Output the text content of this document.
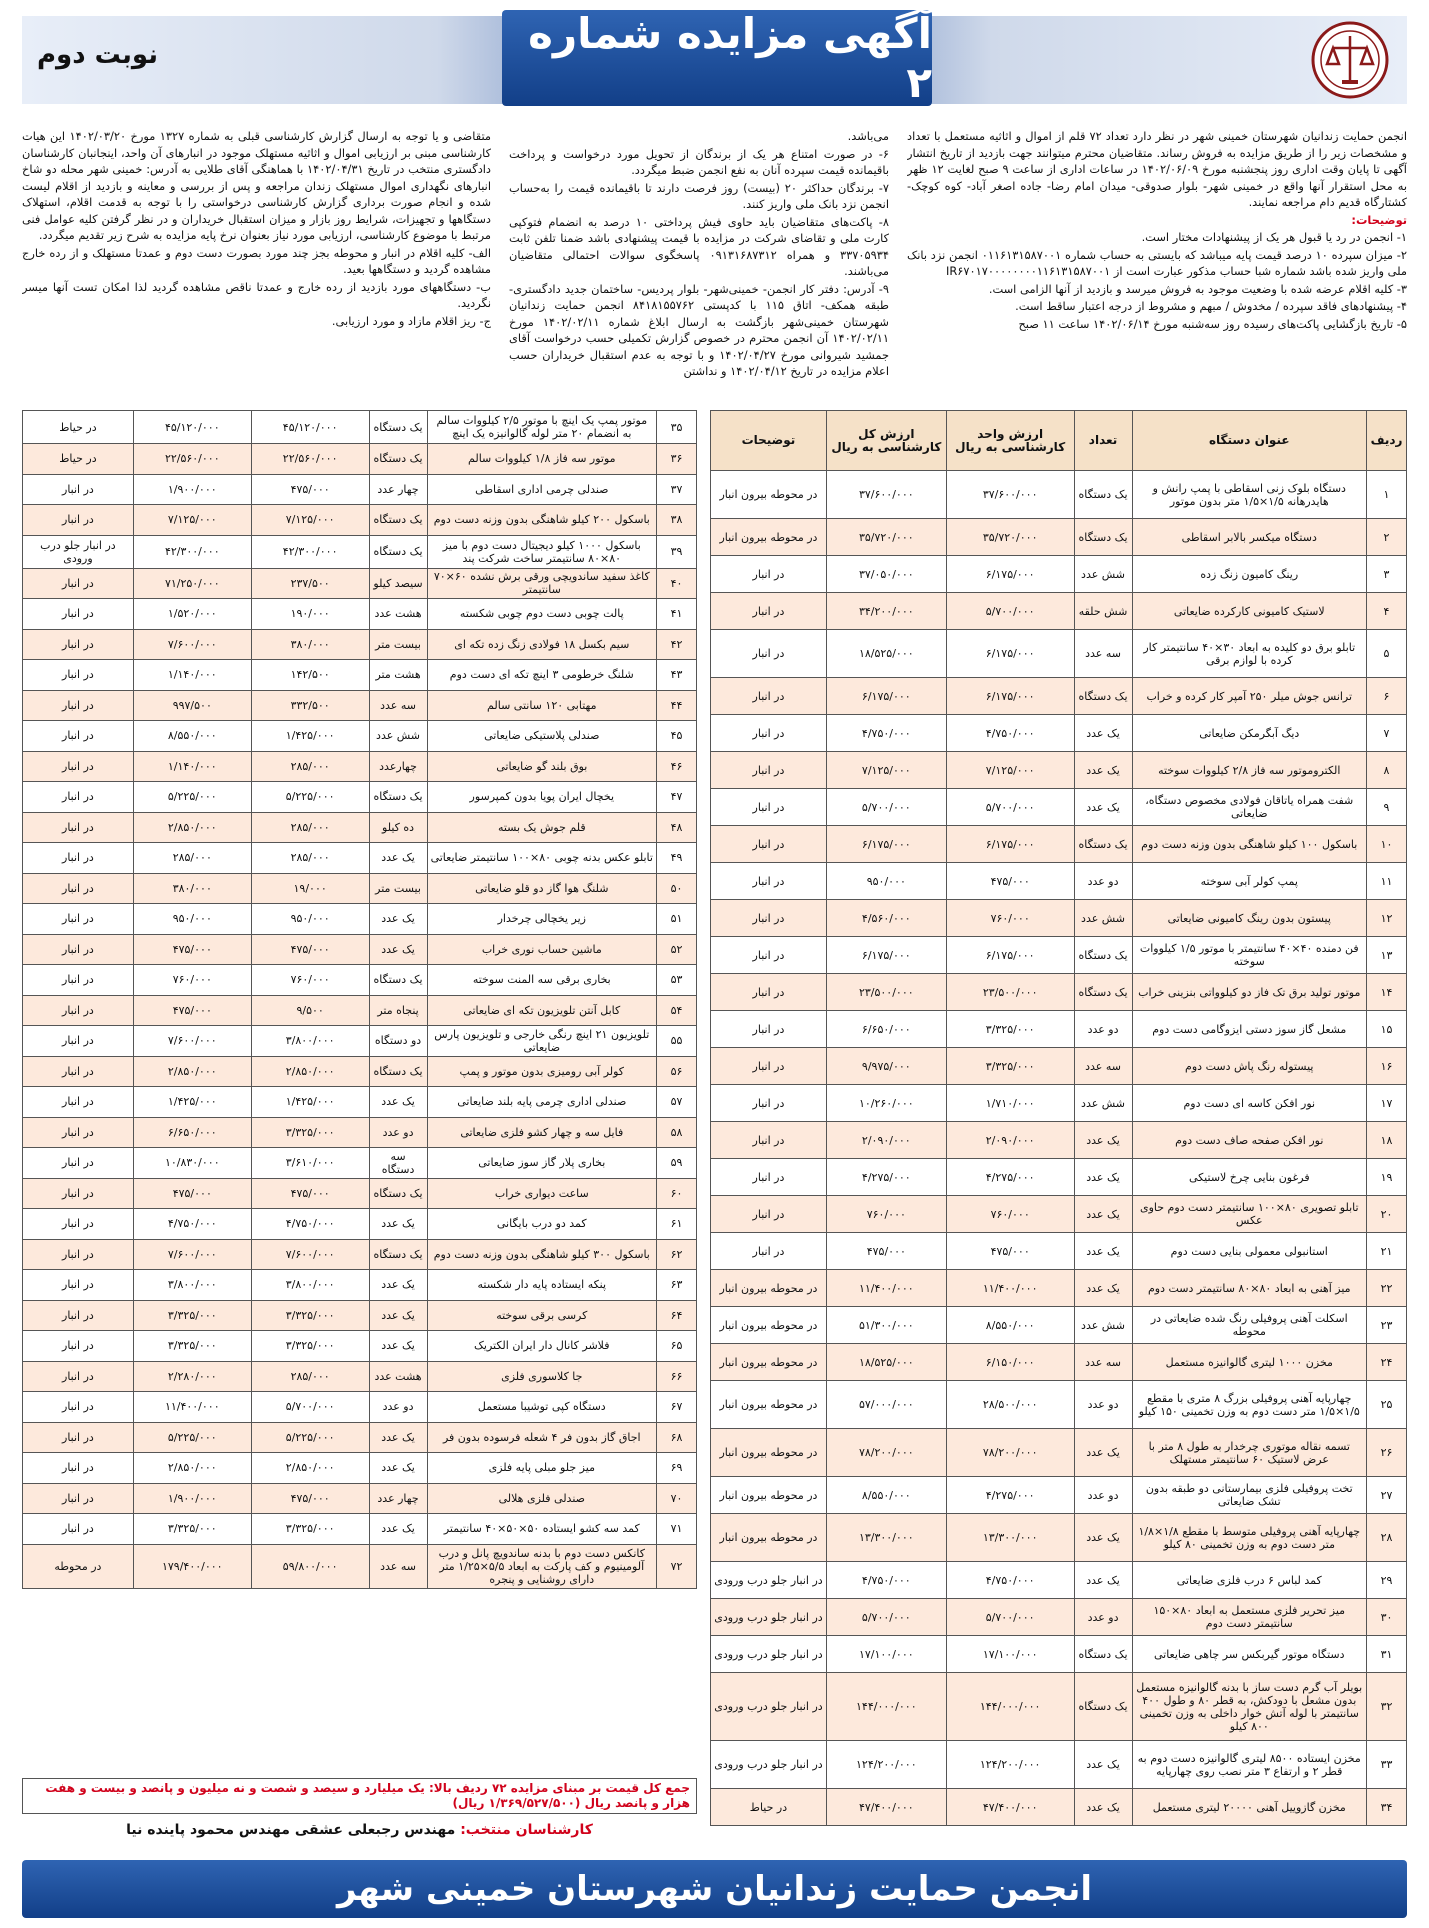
آگهی مزایده شماره ۲
نوبت دوم

انجمن حمایت زندانیان شهرستان خمینی شهر در نظر دارد تعداد ۷۲ قلم از اموال و اثاثیه مستعمل با تعداد و مشخصات زیر را از طریق مزایده به فروش رساند. متقاضیان محترم میتوانند جهت بازدید از تاریخ انتشار آگهی تا پایان وقت اداری روز پنجشنبه مورخ ۱۴۰۲/۰۶/۰۹ در ساعات اداری از ساعت ۹ صبح لغایت ۱۲ ظهر به محل استقرار آنها واقع در خمینی شهر- بلوار صدوقی- میدان امام رضا- جاده اصغر آباد- کوه کوچک- کشتارگاه قدیم دام مراجعه نمایند.

توضیحات:

۱- انجمن در رد یا قبول هر یک از پیشنهادات مختار است.

۲- میزان سپرده ۱۰ درصد قیمت پایه میباشد که بایستی به حساب شماره ۰۱۱۶۱۳۱۵۸۷۰۰۱ انجمن نزد بانک ملی واریز شده باشد شماره شبا حساب مذکور عبارت است از IR۶۷۰۱۷۰۰۰۰۰۰۰۰۱۱۶۱۳۱۵۸۷۰۰۱

۳- کلیه اقلام عرضه شده با وضعیت موجود به فروش میرسد و بازدید از آنها الزامی است.

۴- پیشنهادهای فاقد سپرده / مخدوش / مبهم و مشروط از درجه اعتبار ساقط است.

۵- تاریخ بازگشایی پاکت‌های رسیده روز سه‌شنبه مورخ ۱۴۰۲/۰۶/۱۴ ساعت ۱۱ صبح

می‌باشد.

۶- در صورت امتناع هر یک از برندگان از تحویل مورد درخواست و پرداخت باقیمانده قیمت سپرده آنان به نفع انجمن ضبط میگردد.

۷- برندگان حداکثر ۲۰ (بیست) روز فرصت دارند تا باقیمانده قیمت را به‌حساب انجمن نزد بانک ملی واریز کنند.

۸- پاکت‌های متقاضیان باید حاوی فیش پرداختی ۱۰ درصد به انضمام فتوکپی کارت ملی و تقاضای شرکت در مزایده با قیمت پیشنهادی باشد ضمنا تلفن ثابت ۳۳۷۰۵۹۳۴ و همراه ۰۹۱۳۱۶۸۷۳۱۲ پاسخگوی سوالات احتمالی متقاضیان می‌باشند.

۹- آدرس: دفتر کار انجمن- خمینی‌شهر- بلوار پردیس- ساختمان جدید دادگستری- طبقه همکف- اتاق ۱۱۵ با کدپستی ۸۴۱۸۱۵۵۷۶۲ انجمن حمایت زندانیان شهرستان خمینی‌شهر بازگشت به ارسال ابلاغ شماره ۱۴۰۲/۰۲/۱۱ مورخ ۱۴۰۲/۰۲/۱۱ آن انجمن محترم در خصوص گزارش تکمیلی حسب درخواست آقای جمشید شیروانی مورخ ۱۴۰۲/۰۴/۲۷ و با توجه به عدم استقبال خریداران حسب اعلام مزایده در تاریخ ۱۴۰۲/۰۴/۱۲ و نداشتن

متقاضی و یا توجه به ارسال گزارش کارشناسی قبلی به شماره ۱۳۲۷ مورخ ۱۴۰۲/۰۳/۲۰ این هیات کارشناسی مبنی بر ارزیابی اموال و اثاثیه مستهلک موجود در انبارهای آن واحد، اینجانبان کارشناسان دادگستری منتخب در تاریخ ۱۴۰۲/۰۴/۳۱ با هماهنگی آقای طلایی به آدرس: خمینی شهر محله دو شاخ انبارهای نگهداری اموال مستهلک زندان مراجعه و پس از بررسی و معاینه و بازدید از اقلام لیست شده و انجام صورت برداری گزارش کارشناسی درخواستی را با توجه به قدمت اقلام، استهلاک دستگاهها و تجهیزات، شرایط روز بازار و میزان استقبال خریداران و در نظر گرفتن کلیه عوامل فنی مرتبط با موضوع کارشناسی، ارزیابی مورد نیاز بعنوان نرخ پایه مزایده به شرح زیر تقدیم میگردد.

الف- کلیه اقلام در انبار و محوطه بجز چند مورد بصورت دست دوم و عمدتا مستهلک و از رده خارج مشاهده گردید و دستگاهها بعید.

ب- دستگاههای مورد بازدید از رده خارج و عمدتا ناقص مشاهده گردید لذا امکان تست آنها میسر نگردید.

ج- ریز اقلام مازاد و مورد ارزیابی.

ردیف	عنوان دستگاه	تعداد	ارزش واحد کارشناسی به ریال	ارزش کل کارشناسی به ریال	توضیحات
۱	دستگاه بلوک زنی اسقاطی با پمپ رانش و هایدرهانه ۱/۵×۱/۵ متر بدون موتور	یک دستگاه	۳۷/۶۰۰/۰۰۰	۳۷/۶۰۰/۰۰۰	در محوطه بیرون انبار
۲	دستگاه میکسر بالابر اسقاطی	یک دستگاه	۳۵/۷۲۰/۰۰۰	۳۵/۷۲۰/۰۰۰	در محوطه بیرون انبار
۳	رینگ کامیون زنگ زده	شش عدد	۶/۱۷۵/۰۰۰	۳۷/۰۵۰/۰۰۰	در انبار
۴	لاستیک کامیونی کارکرده ضایعاتی	شش حلقه	۵/۷۰۰/۰۰۰	۳۴/۲۰۰/۰۰۰	در انبار
۵	تابلو برق دو کلیده به ابعاد ۳۰×۴۰ سانتیمتر کار کرده با لوازم برقی	سه عدد	۶/۱۷۵/۰۰۰	۱۸/۵۲۵/۰۰۰	در انبار
۶	ترانس جوش میلر ۲۵۰ آمپر کار کرده و خراب	یک دستگاه	۶/۱۷۵/۰۰۰	۶/۱۷۵/۰۰۰	در انبار
۷	دیگ آبگرمکن ضایعاتی	یک عدد	۴/۷۵۰/۰۰۰	۴/۷۵۰/۰۰۰	در انبار
۸	الکتروموتور سه فاز ۲/۸ کیلووات سوخته	یک عدد	۷/۱۲۵/۰۰۰	۷/۱۲۵/۰۰۰	در انبار
۹	شفت همراه یاتاقان فولادی مخصوص دستگاه، ضایعاتی	یک عدد	۵/۷۰۰/۰۰۰	۵/۷۰۰/۰۰۰	در انبار
۱۰	باسکول ۱۰۰ کیلو شاهنگی بدون وزنه دست دوم	یک دستگاه	۶/۱۷۵/۰۰۰	۶/۱۷۵/۰۰۰	در انبار
۱۱	پمپ کولر آبی سوخته	دو عدد	۴۷۵/۰۰۰	۹۵۰/۰۰۰	در انبار
۱۲	پیستون بدون رینگ کامیونی ضایعاتی	شش عدد	۷۶۰/۰۰۰	۴/۵۶۰/۰۰۰	در انبار
۱۳	فن دمنده ۴۰×۴۰ سانتیمتر با موتور ۱/۵ کیلووات سوخته	یک دستگاه	۶/۱۷۵/۰۰۰	۶/۱۷۵/۰۰۰	در انبار
۱۴	موتور تولید برق تک فاز دو کیلوواتی بنزینی خراب	یک دستگاه	۲۳/۵۰۰/۰۰۰	۲۳/۵۰۰/۰۰۰	در انبار
۱۵	مشعل گاز سوز دستی ایزوگامی دست دوم	دو عدد	۳/۳۲۵/۰۰۰	۶/۶۵۰/۰۰۰	در انبار
۱۶	پیستوله رنگ پاش دست دوم	سه عدد	۳/۳۲۵/۰۰۰	۹/۹۷۵/۰۰۰	در انبار
۱۷	نور افکن کاسه ای دست دوم	شش عدد	۱/۷۱۰/۰۰۰	۱۰/۲۶۰/۰۰۰	در انبار
۱۸	نور افکن صفحه صاف دست دوم	یک عدد	۲/۰۹۰/۰۰۰	۲/۰۹۰/۰۰۰	در انبار
۱۹	فرغون بنایی چرخ لاستیکی	یک عدد	۴/۲۷۵/۰۰۰	۴/۲۷۵/۰۰۰	در انبار
۲۰	تابلو تصویری ۸۰×۱۰۰ سانتیمتر دست دوم حاوی عکس	یک عدد	۷۶۰/۰۰۰	۷۶۰/۰۰۰	در انبار
۲۱	استانبولی معمولی بنایی دست دوم	یک عدد	۴۷۵/۰۰۰	۴۷۵/۰۰۰	در انبار
۲۲	میز آهنی به ابعاد ۸۰×۸۰ سانتیمتر دست دوم	یک عدد	۱۱/۴۰۰/۰۰۰	۱۱/۴۰۰/۰۰۰	در محوطه بیرون انبار
۲۳	اسکلت آهنی پروفیلی رنگ شده ضایعاتی در محوطه	شش عدد	۸/۵۵۰/۰۰۰	۵۱/۳۰۰/۰۰۰	در محوطه بیرون انبار
۲۴	مخزن ۱۰۰۰ لیتری گالوانیزه مستعمل	سه عدد	۶/۱۵۰/۰۰۰	۱۸/۵۲۵/۰۰۰	در محوطه بیرون انبار
۲۵	چهارپایه آهنی پروفیلی بزرگ ۸ متری با مقطع ۱/۵×۱/۵ متر دست دوم به وزن تخمینی ۱۵۰ کیلو	دو عدد	۲۸/۵۰۰/۰۰۰	۵۷/۰۰۰/۰۰۰	در محوطه بیرون انبار
۲۶	تسمه نقاله موتوری چرخدار به طول ۸ متر با عرض لاستیک ۶۰ سانتیمتر مستهلک	یک عدد	۷۸/۲۰۰/۰۰۰	۷۸/۲۰۰/۰۰۰	در محوطه بیرون انبار
۲۷	تخت پروفیلی فلزی بیمارستانی دو طبقه بدون تشک ضایعاتی	دو عدد	۴/۲۷۵/۰۰۰	۸/۵۵۰/۰۰۰	در محوطه بیرون انبار
۲۸	چهارپایه آهنی پروفیلی متوسط با مقطع ۱/۸×۱/۸ متر دست دوم به وزن تخمینی ۸۰ کیلو	یک عدد	۱۳/۳۰۰/۰۰۰	۱۳/۳۰۰/۰۰۰	در محوطه بیرون انبار
۲۹	کمد لباس ۶ درب فلزی ضایعاتی	یک عدد	۴/۷۵۰/۰۰۰	۴/۷۵۰/۰۰۰	در انبار جلو درب ورودی
۳۰	میز تحریر فلزی مستعمل به ابعاد ۸۰×۱۵۰ سانتیمتر دست دوم	دو عدد	۵/۷۰۰/۰۰۰	۵/۷۰۰/۰۰۰	در انبار جلو درب ورودی
۳۱	دستگاه موتور گیربکس سر چاهی ضایعاتی	یک دستگاه	۱۷/۱۰۰/۰۰۰	۱۷/۱۰۰/۰۰۰	در انبار جلو درب ورودی
۳۲	بویلر آب گرم دست ساز با بدنه گالوانیزه مستعمل بدون مشعل با دودکش، به قطر ۸۰ و طول ۴۰۰ سانتیمتر با لوله آتش خوار داخلی به وزن تخمینی ۸۰۰ کیلو	یک دستگاه	۱۴۴/۰۰۰/۰۰۰	۱۴۴/۰۰۰/۰۰۰	در انبار جلو درب ورودی
۳۳	مخزن ایستاده ۸۵۰۰ لیتری گالوانیزه دست دوم به قطر ۲ و ارتفاع ۳ متر نصب روی چهارپایه	یک عدد	۱۲۴/۲۰۰/۰۰۰	۱۲۴/۲۰۰/۰۰۰	در انبار جلو درب ورودی
۳۴	مخزن گازوییل آهنی ۲۰۰۰۰ لیتری مستعمل	یک عدد	۴۷/۴۰۰/۰۰۰	۴۷/۴۰۰/۰۰۰	در حیاط
۳۵	موتور پمپ یک اینچ با موتور ۲/۵ کیلووات سالم به انضمام ۲۰ متر لوله گالوانیزه یک اینچ	یک دستگاه	۴۵/۱۲۰/۰۰۰	۴۵/۱۲۰/۰۰۰	در حیاط
۳۶	موتور سه فاز ۱/۸ کیلووات سالم	یک دستگاه	۲۲/۵۶۰/۰۰۰	۲۲/۵۶۰/۰۰۰	در حیاط
۳۷	صندلی چرمی اداری اسقاطی	چهار عدد	۴۷۵/۰۰۰	۱/۹۰۰/۰۰۰	در انبار
۳۸	باسکول ۲۰۰ کیلو شاهنگی بدون وزنه دست دوم	یک دستگاه	۷/۱۲۵/۰۰۰	۷/۱۲۵/۰۰۰	در انبار
۳۹	باسکول ۱۰۰۰ کیلو دیجیتال دست دوم با میز ۸۰×۸۰ سانتیمتر ساخت شرکت پند	یک دستگاه	۴۲/۳۰۰/۰۰۰	۴۲/۳۰۰/۰۰۰	در انبار جلو درب ورودی
۴۰	کاغذ سفید ساندویچی ورقی برش نشده ۶۰×۷۰ سانتیمتر	سیصد کیلو	۲۳۷/۵۰۰	۷۱/۲۵۰/۰۰۰	در انبار
۴۱	پالت چوبی دست دوم چوبی شکسته	هشت عدد	۱۹۰/۰۰۰	۱/۵۲۰/۰۰۰	در انبار
۴۲	سیم بکسل ۱۸ فولادی زنگ زده تکه ای	بیست متر	۳۸۰/۰۰۰	۷/۶۰۰/۰۰۰	در انبار
۴۳	شلنگ خرطومی ۳ اینچ تکه ای دست دوم	هشت متر	۱۴۲/۵۰۰	۱/۱۴۰/۰۰۰	در انبار
۴۴	مهتابی ۱۲۰ سانتی سالم	سه عدد	۳۳۲/۵۰۰	۹۹۷/۵۰۰	در انبار
۴۵	صندلی پلاستیکی ضایعاتی	شش عدد	۱/۴۲۵/۰۰۰	۸/۵۵۰/۰۰۰	در انبار
۴۶	بوق بلند گو ضایعاتی	چهارعدد	۲۸۵/۰۰۰	۱/۱۴۰/۰۰۰	در انبار
۴۷	یخچال ایران پویا بدون کمپرسور	یک دستگاه	۵/۲۲۵/۰۰۰	۵/۲۲۵/۰۰۰	در انبار
۴۸	قلم جوش یک بسته	ده کیلو	۲۸۵/۰۰۰	۲/۸۵۰/۰۰۰	در انبار
۴۹	تابلو عکس بدنه چوبی ۸۰×۱۰۰ سانتیمتر ضایعاتی	یک عدد	۲۸۵/۰۰۰	۲۸۵/۰۰۰	در انبار
۵۰	شلنگ هوا گاز دو قلو ضایعاتی	بیست متر	۱۹/۰۰۰	۳۸۰/۰۰۰	در انبار
۵۱	زیر یخچالی چرخدار	یک عدد	۹۵۰/۰۰۰	۹۵۰/۰۰۰	در انبار
۵۲	ماشین حساب نوری خراب	یک عدد	۴۷۵/۰۰۰	۴۷۵/۰۰۰	در انبار
۵۳	بخاری برقی سه المنت سوخته	یک دستگاه	۷۶۰/۰۰۰	۷۶۰/۰۰۰	در انبار
۵۴	کابل آنتن تلویزیون تکه ای ضایعاتی	پنجاه متر	۹/۵۰۰	۴۷۵/۰۰۰	در انبار
۵۵	تلویزیون ۲۱ اینچ رنگی خارجی و تلویزیون پارس ضایعاتی	دو دستگاه	۳/۸۰۰/۰۰۰	۷/۶۰۰/۰۰۰	در انبار
۵۶	کولر آبی رومیزی بدون موتور و پمپ	یک دستگاه	۲/۸۵۰/۰۰۰	۲/۸۵۰/۰۰۰	در انبار
۵۷	صندلی اداری چرمی پایه بلند ضایعاتی	یک عدد	۱/۴۲۵/۰۰۰	۱/۴۲۵/۰۰۰	در انبار
۵۸	فایل سه و چهار کشو فلزی ضایعاتی	دو عدد	۳/۳۲۵/۰۰۰	۶/۶۵۰/۰۰۰	در انبار
۵۹	بخاری پلار گاز سوز ضایعاتی	سه دستگاه	۳/۶۱۰/۰۰۰	۱۰/۸۳۰/۰۰۰	در انبار
۶۰	ساعت دیواری خراب	یک دستگاه	۴۷۵/۰۰۰	۴۷۵/۰۰۰	در انبار
۶۱	کمد دو درب بایگانی	یک عدد	۴/۷۵۰/۰۰۰	۴/۷۵۰/۰۰۰	در انبار
۶۲	باسکول ۳۰۰ کیلو شاهنگی بدون وزنه دست دوم	یک دستگاه	۷/۶۰۰/۰۰۰	۷/۶۰۰/۰۰۰	در انبار
۶۳	پنکه ایستاده پایه دار شکسته	یک عدد	۳/۸۰۰/۰۰۰	۳/۸۰۰/۰۰۰	در انبار
۶۴	کرسی برقی سوخته	یک عدد	۳/۳۲۵/۰۰۰	۳/۳۲۵/۰۰۰	در انبار
۶۵	فلاشر کانال دار ایران الکتریک	یک عدد	۳/۳۲۵/۰۰۰	۳/۳۲۵/۰۰۰	در انبار
۶۶	جا کلاسوری فلزی	هشت عدد	۲۸۵/۰۰۰	۲/۲۸۰/۰۰۰	در انبار
۶۷	دستگاه کپی توشیبا مستعمل	دو عدد	۵/۷۰۰/۰۰۰	۱۱/۴۰۰/۰۰۰	در انبار
۶۸	اجاق گاز بدون فر ۴ شعله فرسوده بدون فر	یک عدد	۵/۲۲۵/۰۰۰	۵/۲۲۵/۰۰۰	در انبار
۶۹	میز جلو مبلی پایه فلزی	یک عدد	۲/۸۵۰/۰۰۰	۲/۸۵۰/۰۰۰	در انبار
۷۰	صندلی فلزی هلالی	چهار عدد	۴۷۵/۰۰۰	۱/۹۰۰/۰۰۰	در انبار
۷۱	کمد سه کشو ایستاده ۵۰×۵۰×۴۰ سانتیمتر	یک عدد	۳/۳۲۵/۰۰۰	۳/۳۲۵/۰۰۰	در انبار
۷۲	کانکس دست دوم با بدنه ساندویچ پانل و درب آلومینیوم و کف پارکت به ابعاد ۵/۵×۱/۲۵ متر دارای روشنایی و پنجره	سه عدد	۵۹/۸۰۰/۰۰۰	۱۷۹/۴۰۰/۰۰۰	در محوطه
جمع کل قیمت بر مبنای مزایده ۷۲ ردیف بالا: یک میلیارد و سیصد و شصت و نه میلیون و پانصد و بیست و هفت هزار و پانصد ریال (۱/۳۶۹/۵۲۷/۵۰۰ ریال)
کارشناسان منتخب: مهندس رجبعلی عشقی مهندس محمود پاینده نیا
انجمن حمایت زندانیان شهرستان خمینی شهر
